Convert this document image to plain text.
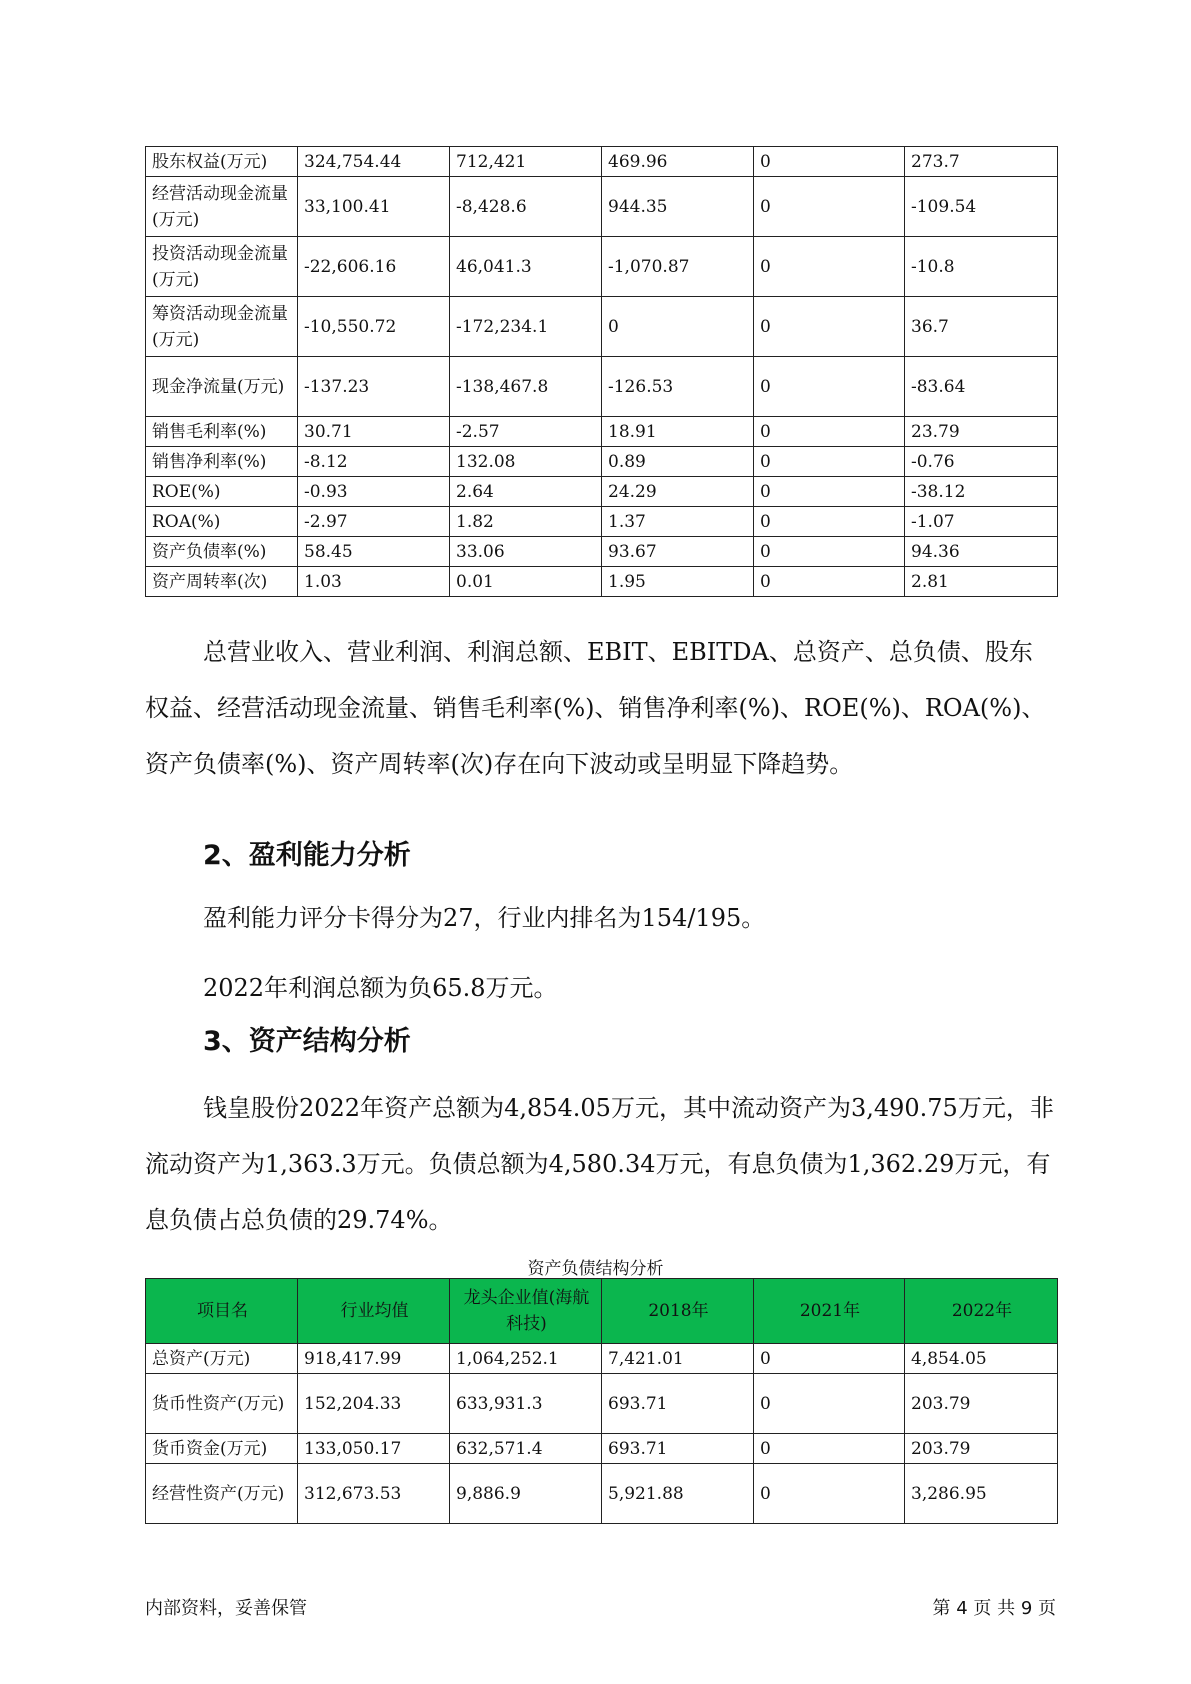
股东权益(万元)	324,754.44	712,421	469.96	0	273.7
经营活动现金流量(万元)	33,100.41	-8,428.6	944.35	0	-109.54
投资活动现金流量(万元)	-22,606.16	46,041.3	-1,070.87	0	-10.8
筹资活动现金流量(万元)	-10,550.72	-172,234.1	0	0	36.7
现金净流量(万元)	-137.23	-138,467.8	-126.53	0	-83.64
销售毛利率(%)	30.71	-2.57	18.91	0	23.79
销售净利率(%)	-8.12	132.08	0.89	0	-0.76
ROE(%)	-0.93	2.64	24.29	0	-38.12
ROA(%)	-2.97	1.82	1.37	0	-1.07
资产负债率(%)	58.45	33.06	93.67	0	94.36
资产周转率(次)	1.03	0.01	1.95	0	2.81

总营业收入、营业利润、利润总额、EBIT、EBITDA、总资产、总负债、股东权益、经营活动现金流量、销售毛利率(%)、销售净利率(%)、ROE(%)、ROA(%)、资产负债率(%)、资产周转率(次)存在向下波动或呈明显下降趋势。

2、盈利能力分析

盈利能力评分卡得分为27，行业内排名为154/195。

2022年利润总额为负65.8万元。

3、资产结构分析

钱皇股份2022年资产总额为4,854.05万元，其中流动资产为3,490.75万元，非流动资产为1,363.3万元。负债总额为4,580.34万元，有息负债为1,362.29万元，有息负债占总负债的29.74%。

资产负债结构分析
项目名	行业均值	龙头企业值(海航科技)	2018年	2021年	2022年
总资产(万元)	918,417.99	1,064,252.1	7,421.01	0	4,854.05
货币性资产(万元)	152,204.33	633,931.3	693.71	0	203.79
货币资金(万元)	133,050.17	632,571.4	693.71	0	203.79
经营性资产(万元)	312,673.53	9,886.9	5,921.88	0	3,286.95
内部资料，妥善保管	第 4 页 共 9 页
